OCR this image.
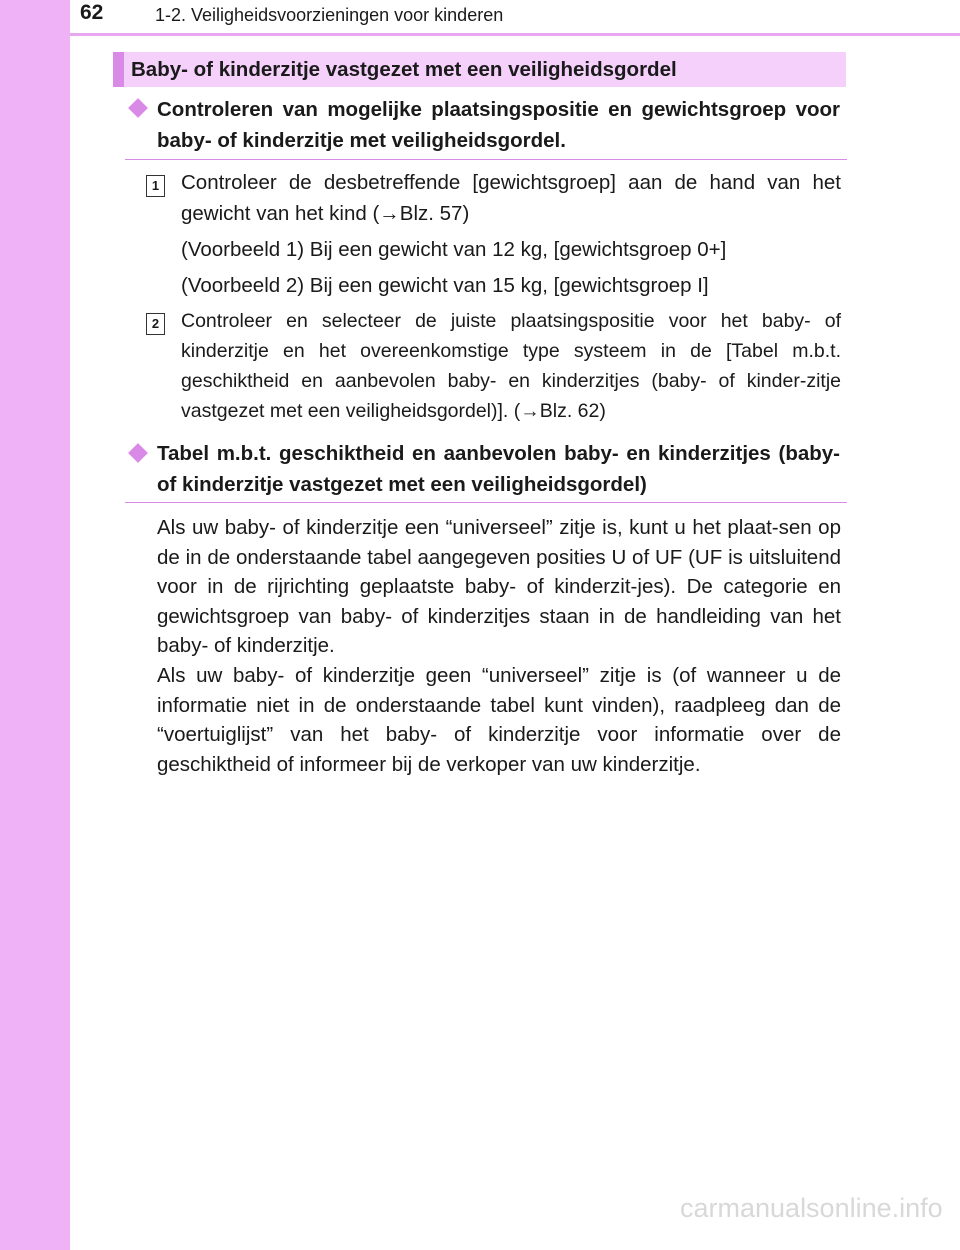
62	1-2. Veiligheidsvoorzieningen voor kinderen
Baby- of kinderzitje vastgezet met een veiligheidsgordel
Controleren van mogelijke plaatsingspositie en gewichtsgroep voor baby- of kinderzitje met veiligheidsgordel.
1 Controleer de desbetreffende [gewichtsgroep] aan de hand van het gewicht van het kind (→Blz. 57)
(Voorbeeld 1) Bij een gewicht van 12 kg, [gewichtsgroep 0+]
(Voorbeeld 2) Bij een gewicht van 15 kg, [gewichtsgroep I]
2	Controleer en selecteer de juiste plaatsingspositie voor het baby- of kinderzitje en het overeenkomstige type systeem in de [Tabel m.b.t. geschiktheid en aanbevolen baby- en kinderzitjes (baby- of kinder-zitje vastgezet met een veiligheidsgordel)]. (→Blz. 62)
Tabel m.b.t. geschiktheid en aanbevolen baby- en kinderzitjes (baby- of kinderzitje vastgezet met een veiligheidsgordel)

Als uw baby- of kinderzitje een “universeel” zitje is, kunt u het plaat-sen op de in de onderstaande tabel aangegeven posities U of UF (UF is uitsluitend voor in de rijrichting geplaatste baby- of kinderzit-jes). De categorie en gewichtsgroep van baby- of kinderzitjes staan in de handleiding van het baby- of kinderzitje.

Als uw baby- of kinderzitje geen “universeel” zitje is (of wanneer u de informatie niet in de onderstaande tabel kunt vinden), raadpleeg dan de “voertuiglijst” van het baby- of kinderzitje voor informatie over de geschiktheid of informeer bij de verkoper van uw kinderzitje.

carmanualsonline.info
